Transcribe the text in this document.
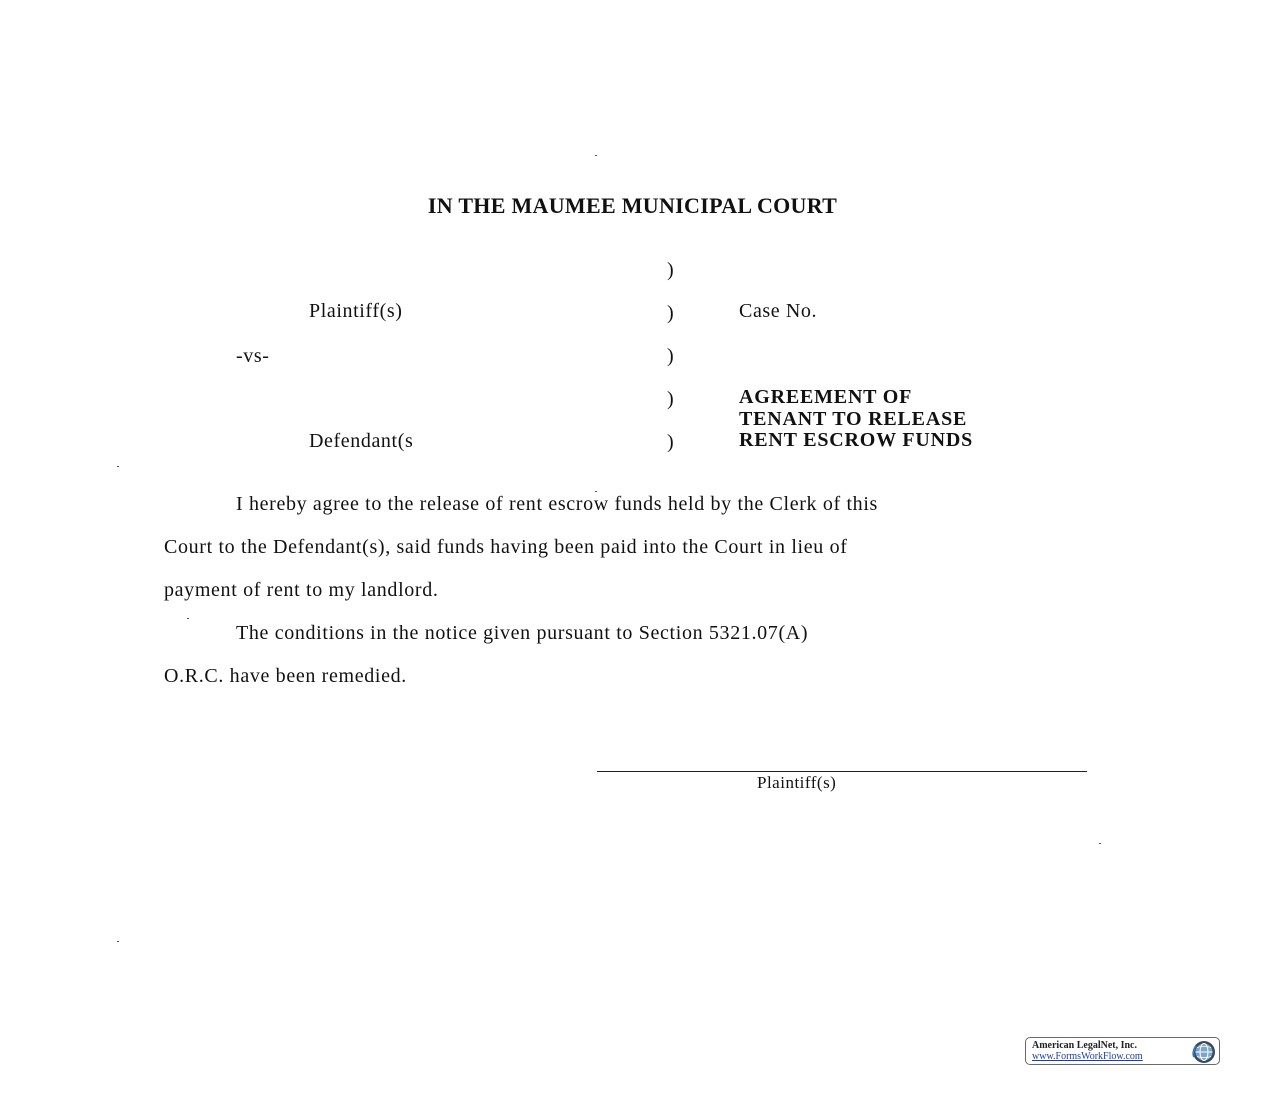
IN THE MAUMEE MUNICIPAL COURT
)
)
)
)
)
Plaintiff(s)
-vs-
Defendant(s
Case No.
AGREEMENT OF
TENANT TO RELEASE
RENT ESCROW FUNDS
I hereby agree to the release of rent escrow funds held by the Clerk of this
Court to the Defendant(s), said funds having been paid into the Court in lieu of
payment of rent to my landlord.
The conditions in the notice given pursuant to Section 5321.07(A)
O.R.C. have been remedied.
Plaintiff(s)
American LegalNet, Inc.
www.FormsWorkFlow.com
